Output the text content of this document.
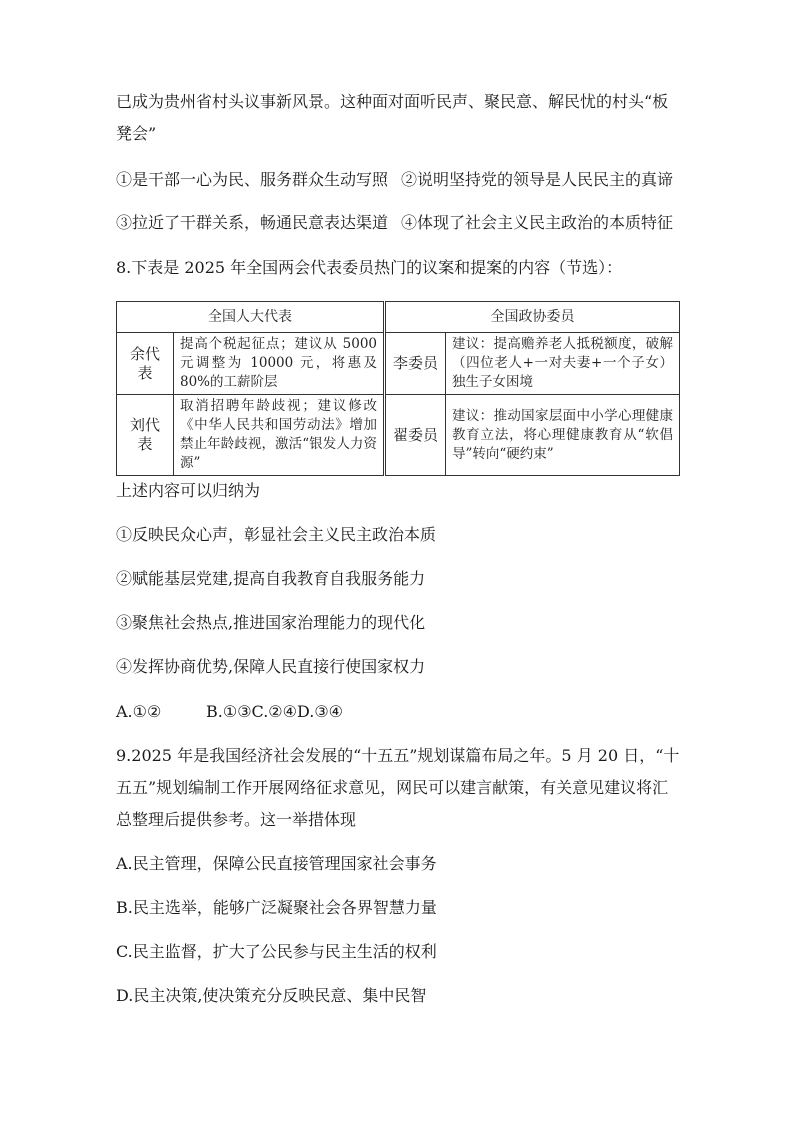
已成为贵州省村头议事新风景。这种面对面听民声、聚民意、解民忧的村头“板
凳会”
①是干部一心为民、服务群众生动写照 ②说明坚持党的领导是人民民主的真谛
③拉近了干群关系，畅通民意表达渠道 ④体现了社会主义民主政治的本质特征
8.下表是 2025 年全国两会代表委员热门的议案和提案的内容（节选）：
全国人大代表		全国政协委员	
余代表	提高个税起征点；建议从 5000 元调整为 10000 元，将惠及 80%的工薪阶层	李委员	建议：提高赡养老人抵税额度，破解（四位老人+一对夫妻+一个子女）独生子女困境
刘代表	取消招聘年龄歧视；建议修改《中华人民共和国劳动法》增加禁止年龄歧视，激活“银发人力资源”	翟委员	建议：推动国家层面中小学心理健康教育立法，将心理健康教育从“软倡导”转向“硬约束”
上述内容可以归纳为
①反映民众心声，彰显社会主义民主政治本质
②赋能基层党建,提高自我教育自我服务能力
③聚焦社会热点,推进国家治理能力的现代化
④发挥协商优势,保障人民直接行使国家权力
A.①②	B.①③C.②④D.③④
9.2025 年是我国经济社会发展的“十五五”规划谋篇布局之年。5 月 20 日，“十
五五”规划编制工作开展网络征求意见，网民可以建言献策，有关意见建议将汇
总整理后提供参考。这一举措体现
A.民主管理，保障公民直接管理国家社会事务
B.民主选举，能够广泛凝聚社会各界智慧力量
C.民主监督，扩大了公民参与民主生活的权利
D.民主决策,使决策充分反映民意、集中民智
